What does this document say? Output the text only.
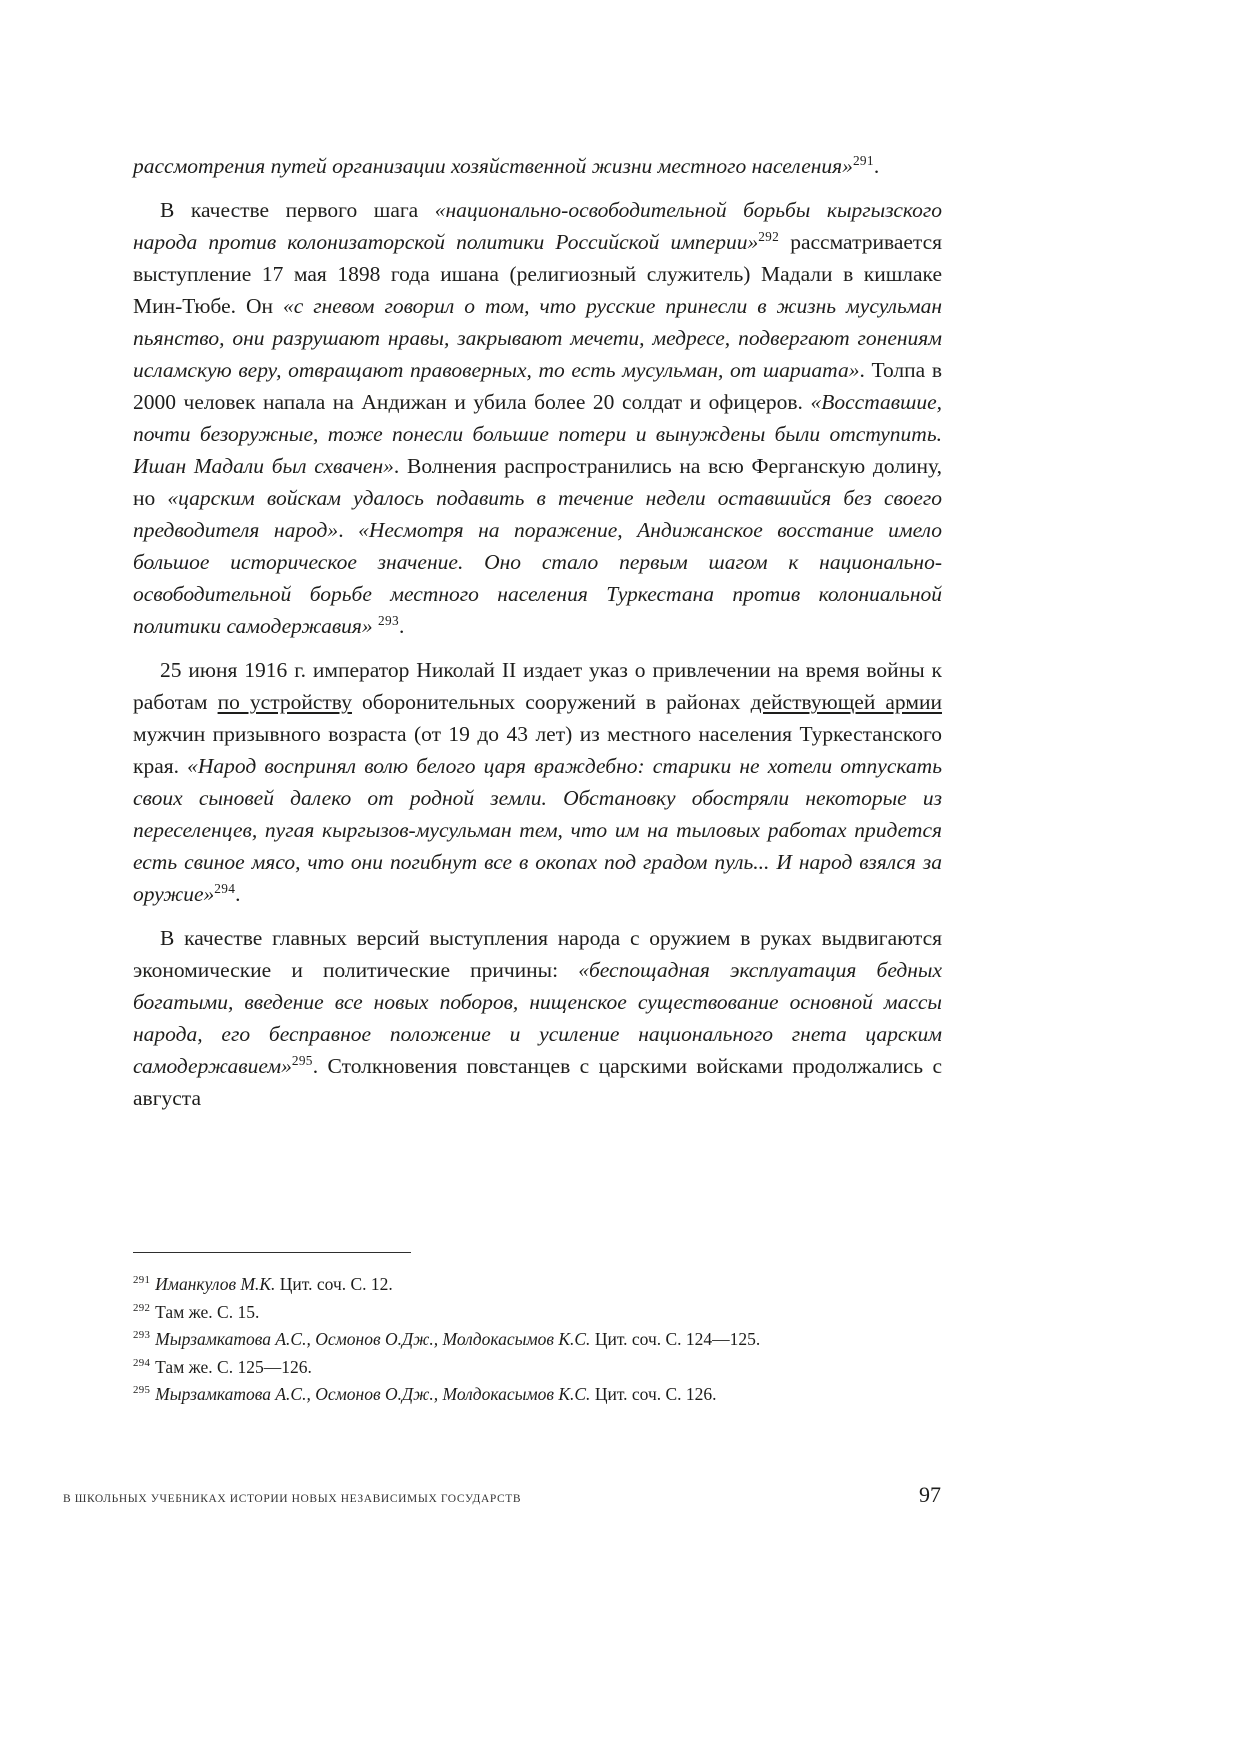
рассмотрения путей организации хозяйственной жизни местного населения»$^{291}$.

В качестве первого шага «национально-освободительной борьбы кыргызского народа против колонизаторской политики Российской империи»$^{292}$ рассматривается выступление 17 мая 1898 года ишана (религиозный служитель) Мадали в кишлаке Мин-Тюбе. Он «с гневом говорил о том, что русские принесли в жизнь мусульман пьянство, они разрушают нравы, закрывают мечети, медресе, подвергают гонениям исламскую веру, отвращают правоверных, то есть мусульман, от шариата». Толпа в 2000 человек напала на Андижан и убила более 20 солдат и офицеров. «Восставшие, почти безоружные, тоже понесли большие потери и вынуждены были отступить. Ишан Мадали был схвачен». Волнения распространились на всю Ферганскую долину, но «царским войскам удалось подавить в течение недели оставшийся без своего предводителя народ». «Несмотря на поражение, Андижанское восстание имело большое историческое значение. Оно стало первым шагом к национально-освободительной борьбе местного населения Туркестана против колониальной политики самодержавия» $^{293}$.

25 июня 1916 г. император Николай II издает указ о привлечении на время войны к работам по устройству оборонительных сооружений в районах действующей армии мужчин призывного возраста (от 19 до 43 лет) из местного населения Туркестанского края. «Народ воспринял волю белого царя враждебно: старики не хотели отпускать своих сыновей далеко от родной земли. Обстановку обостряли некоторые из переселенцев, пугая кыргызов-мусульман тем, что им на тыловых работах придется есть свиное мясо, что они погибнут все в окопах под градом пуль... И народ взялся за оружие»$^{294}$.

В качестве главных версий выступления народа с оружием в руках выдвигаются экономические и политические причины: «беспощадная эксплуатация бедных богатыми, введение все новых поборов, нищенское существование основной массы народа, его бесправное положение и усиление национального гнета царским самодержавием»$^{295}$. Столкновения повстанцев с царскими войсками продолжались с августа

$^{291}$ Иманкулов М.К. Цит. соч. С. 12.
$^{292}$ Там же. С. 15.
$^{293}$ Мырзамкатова А.С., Осмонов О.Дж., Молдокасымов К.С. Цит. соч. С. 124—125.
$^{294}$ Там же. С. 125—126.
$^{295}$ Мырзамкатова А.С., Осмонов О.Дж., Молдокасымов К.С. Цит. соч. С. 126.
В ШКОЛЬНЫХ УЧЕБНИКАХ ИСТОРИИ НОВЫХ НЕЗАВИСИМЫХ ГОСУДАРСТВ	97
